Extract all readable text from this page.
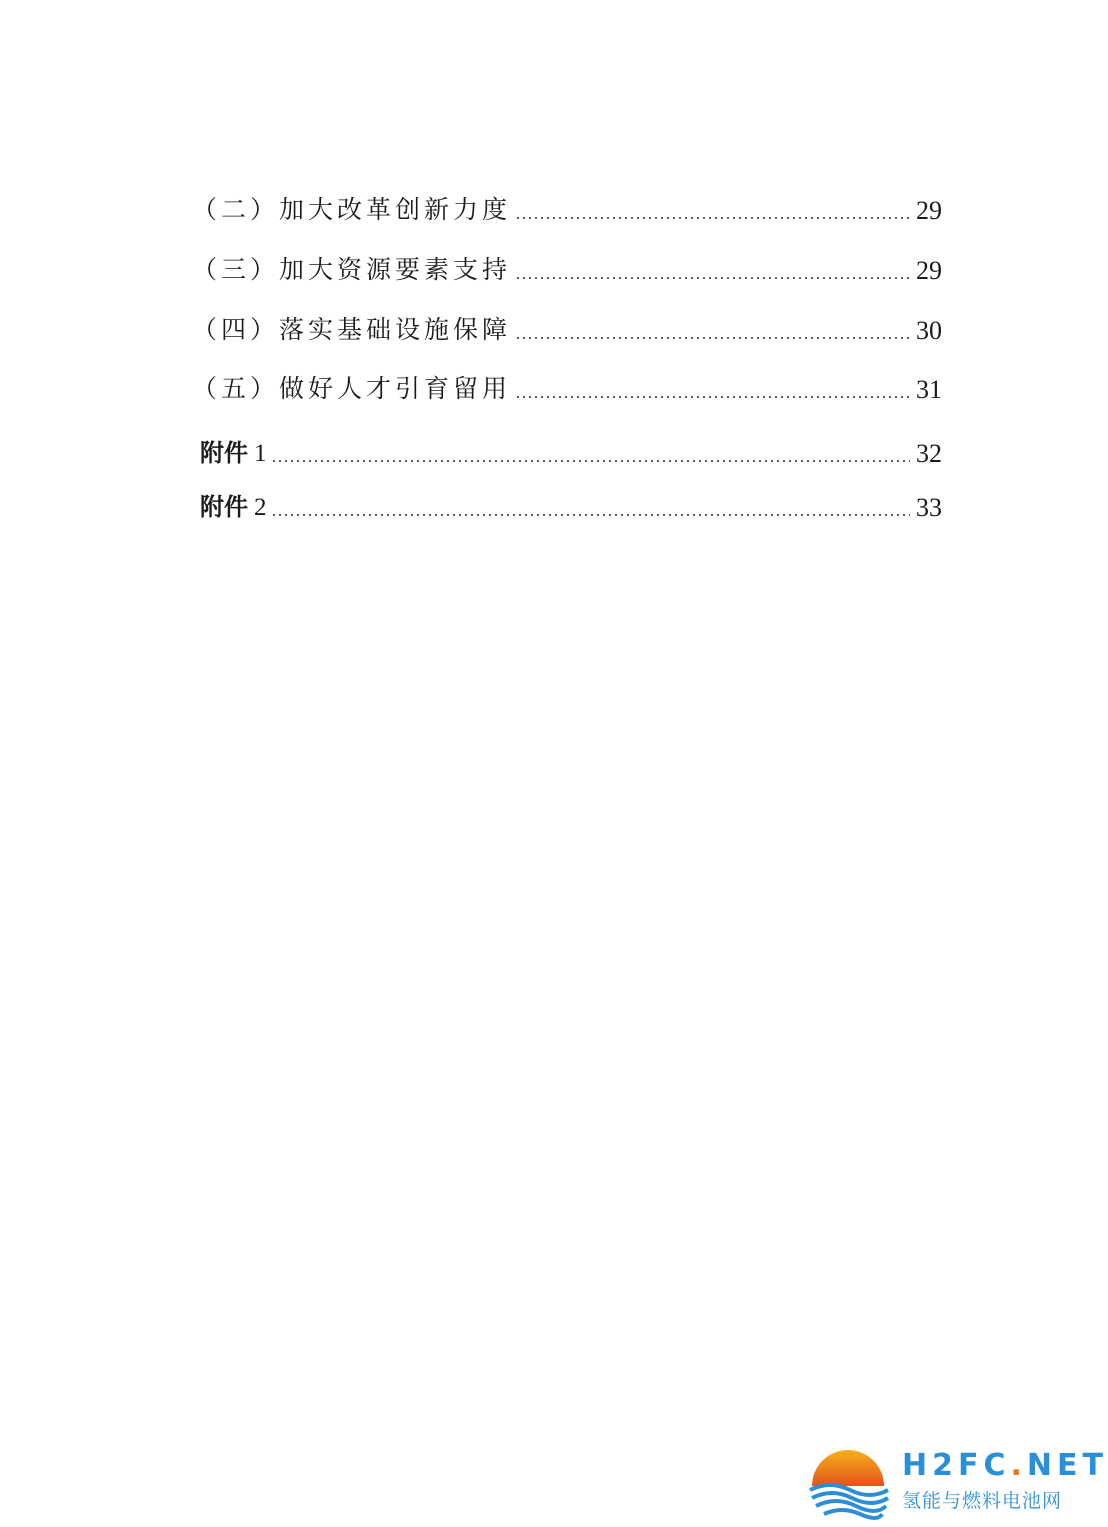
（二）加大改革创新力度	29
（三）加大资源要素支持	29
（四）落实基础设施保障	30
（五）做好人才引育留用	31
附件 1	32
附件 2	33
H2FC.NET
氢能与燃料电池网
